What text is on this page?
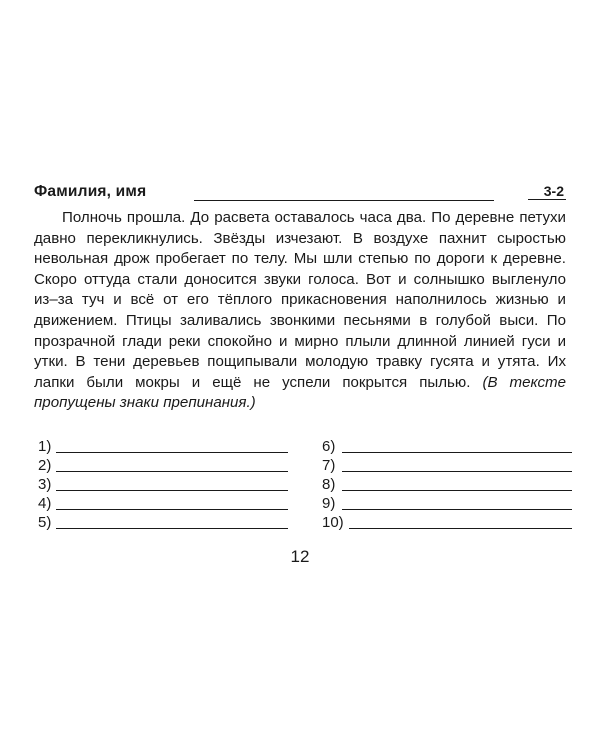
Фамилия, имя	3-2

Полночь прошла. До расвета оставалось часа два. По деревне петухи давно перекликнулись. Звёзды изчезают. В воздухе пахнит сыростью невольная дрож пробегает по телу. Мы шли степью по дороги к деревне. Скоро оттуда стали доносится звуки голоса. Вот и солнышко выгленуло из–за туч и всё от его тёплого прикасновения наполнилось жизнью и движением. Птицы заливались звонкими песьнями в голубой выси. По прозрачной глади реки спокойно и мирно плыли длинной линией гуси и утки. В тени деревьев пощипывали молодую травку гусята и утята. Их лапки были мокры и ещё не успели покрытся пылью. (В тексте пропущены знаки препинания.)

1)
2)
3)
4)
5)
6)
7)
8)
9)
10)
12
